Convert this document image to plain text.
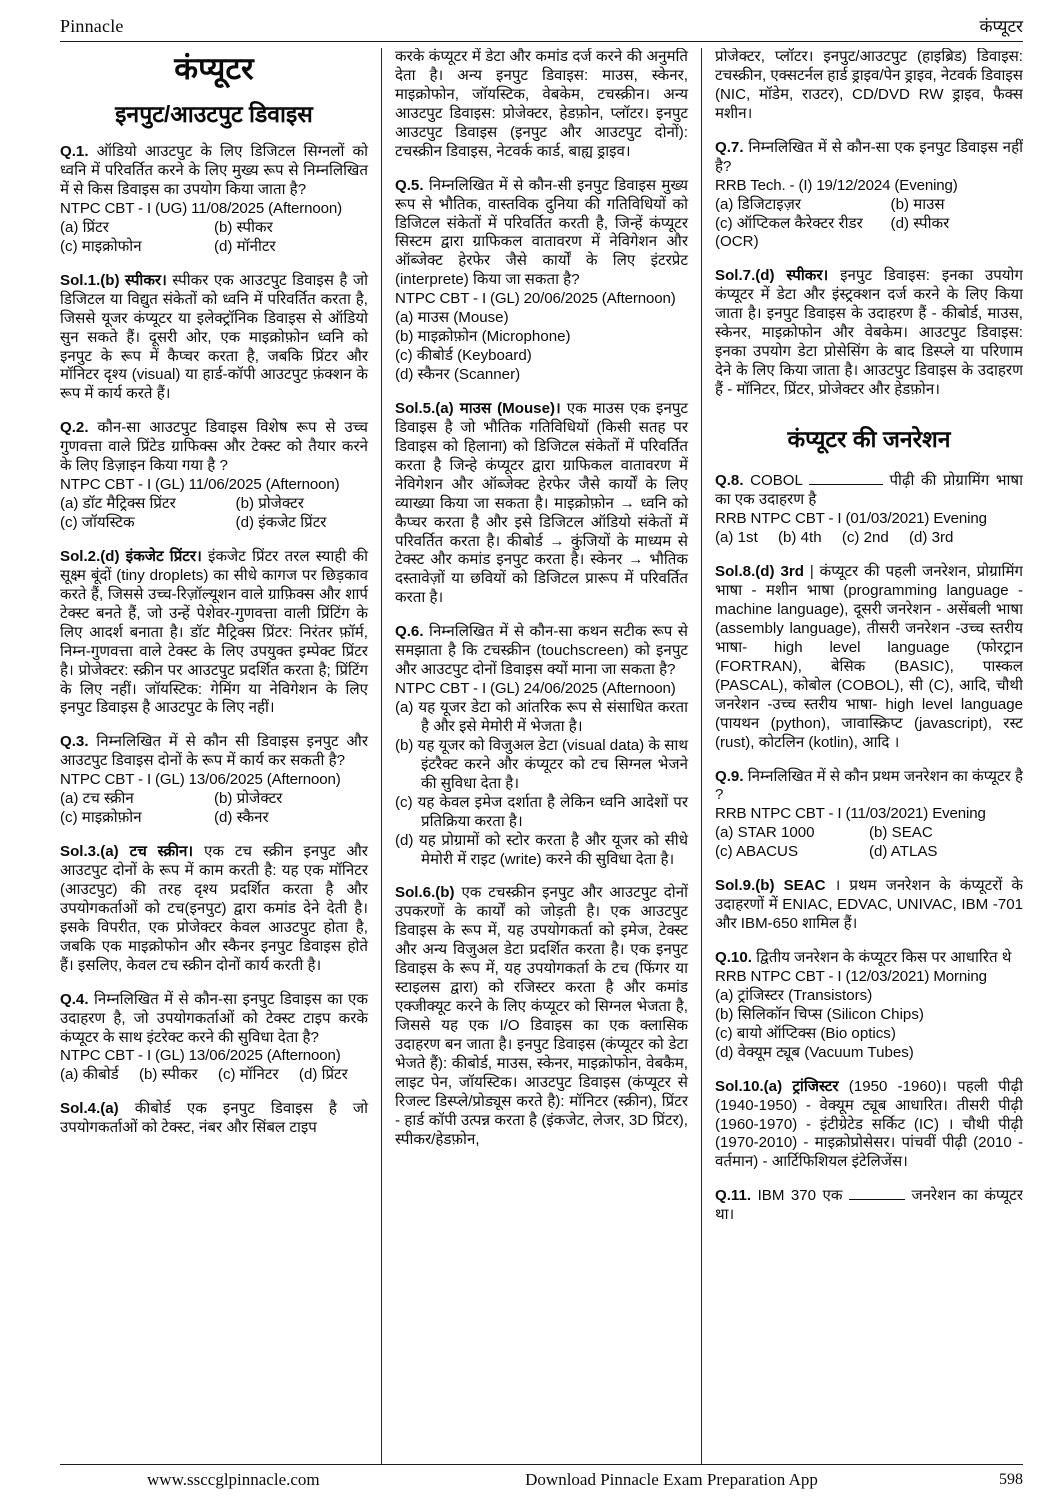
Pinnacle	कंप्यूटर
कंप्यूटर
इनपुट/आउटपुट डिवाइस

Q.1. ऑडियो आउटपुट के लिए डिजिटल सिग्नलों को ध्वनि में परिवर्तित करने के लिए मुख्य रूप से निम्नलिखित में से किस डिवाइस का उपयोग किया जाता है?

NTPC CBT - I (UG) 11/08/2025 (Afternoon)

(a) प्रिंटर	(b) स्पीकर
(c) माइक्रोफोन	(d) मॉनीटर

Sol.1.(b) स्पीकर। स्पीकर एक आउटपुट डिवाइस है जो डिजिटल या विद्युत संकेतों को ध्वनि में परिवर्तित करता है, जिससे यूजर कंप्यूटर या इलेक्ट्रॉनिक डिवाइस से ऑडियो सुन सकते हैं। दूसरी ओर, एक माइक्रोफ़ोन ध्वनि को इनपुट के रूप में कैप्चर करता है, जबकि प्रिंटर और मॉनिटर दृश्य (visual) या हार्ड-कॉपी आउटपुट फ़ंक्शन के रूप में कार्य करते हैं।

Q.2. कौन-सा आउटपुट डिवाइस विशेष रूप से उच्च गुणवत्ता वाले प्रिंटेड ग्राफिक्स और टेक्स्ट को तैयार करने के लिए डिज़ाइन किया गया है ?

NTPC CBT - I (GL) 11/06/2025 (Afternoon)

(a) डॉट मैट्रिक्स प्रिंटर	(b) प्रोजेक्टर
(c) जॉयस्टिक	(d) इंकजेट प्रिंटर

Sol.2.(d) इंकजेट प्रिंटर। इंकजेट प्रिंटर तरल स्याही की सूक्ष्म बूंदों (tiny droplets) का सीधे कागज पर छिड़काव करते हैं, जिससे उच्च-रिज़ॉल्यूशन वाले ग्राफ़िक्स और शार्प टेक्स्ट बनते हैं, जो उन्हें पेशेवर-गुणवत्ता वाली प्रिंटिंग के लिए आदर्श बनाता है। डॉट मैट्रिक्स प्रिंटर: निरंतर फ़ॉर्म, निम्न-गुणवत्ता वाले टेक्स्ट के लिए उपयुक्त इम्पेक्ट प्रिंटर है। प्रोजेक्टर: स्क्रीन पर आउटपुट प्रदर्शित करता है; प्रिंटिंग के लिए नहीं। जॉयस्टिक: गेमिंग या नेविगेशन के लिए इनपुट डिवाइस है आउटपुट के लिए नहीं।

Q.3. निम्नलिखित में से कौन सी डिवाइस इनपुट और आउटपुट डिवाइस दोनों के रूप में कार्य कर सकती है?

NTPC CBT - I (GL) 13/06/2025 (Afternoon)

(a) टच स्क्रीन	(b) प्रोजेक्टर
(c) माइक्रोफ़ोन	(d) स्कैनर

Sol.3.(a) टच स्क्रीन। एक टच स्क्रीन इनपुट और आउटपुट दोनों के रूप में काम करती है: यह एक मॉनिटर (आउटपुट) की तरह दृश्य प्रदर्शित करता है और उपयोगकर्ताओं को टच(इनपुट) द्वारा कमांड देने देती है। इसके विपरीत, एक प्रोजेक्टर केवल आउटपुट होता है, जबकि एक माइक्रोफोन और स्कैनर इनपुट डिवाइस होते हैं। इसलिए, केवल टच स्क्रीन दोनों कार्य करती है।

Q.4. निम्नलिखित में से कौन-सा इनपुट डिवाइस का एक उदाहरण है, जो उपयोगकर्ताओं को टेक्स्ट टाइप करके कंप्यूटर के साथ इंटरेक्ट करने की सुविधा देता है?

NTPC CBT - I (GL) 13/06/2025 (Afternoon)

(a) कीबोर्ड (b) स्पीकर (c) मॉनिटर (d) प्रिंटर

Sol.4.(a) कीबोर्ड एक इनपुट डिवाइस है जो उपयोगकर्ताओं को टेक्स्ट, नंबर और सिंबल टाइप

करके कंप्यूटर में डेटा और कमांड दर्ज करने की अनुमति देता है। अन्य इनपुट डिवाइस: माउस, स्केनर, माइक्रोफोन, जॉयस्टिक, वेबकेम, टचस्क्रीन। अन्य आउटपुट डिवाइस: प्रोजेक्टर, हेडफ़ोन, प्लॉटर। इनपुट आउटपुट डिवाइस (इनपुट और आउटपुट दोनों): टचस्क्रीन डिवाइस, नेटवर्क कार्ड, बाह्य ड्राइव।

Q.5. निम्नलिखित में से कौन-सी इनपुट डिवाइस मुख्य रूप से भौतिक, वास्तविक दुनिया की गतिविधियों को डिजिटल संकेतों में परिवर्तित करती है, जिन्हें कंप्यूटर सिस्टम द्वारा ग्राफिकल वातावरण में नेविगेशन और ऑब्जेक्ट हेरफेर जैसे कार्यों के लिए इंटरप्रेट (interprete) किया जा सकता है?

NTPC CBT - I (GL) 20/06/2025 (Afternoon)

(a) माउस (Mouse)
(b) माइक्रोफ़ोन (Microphone)
(c) कीबोर्ड (Keyboard)
(d) स्कैनर (Scanner)

Sol.5.(a) माउस (Mouse)। एक माउस एक इनपुट डिवाइस है जो भौतिक गतिविधियों (किसी सतह पर डिवाइस को हिलाना) को डिजिटल संकेतों में परिवर्तित करता है जिन्हे कंप्यूटर द्वारा ग्राफिकल वातावरण में नेविगेशन और ऑब्जेक्ट हेरफेर जैसे कार्यों के लिए व्याख्या किया जा सकता है। माइक्रोफ़ोन → ध्वनि को कैप्चर करता है और इसे डिजिटल ऑडियो संकेतों में परिवर्तित करता है। कीबोर्ड → कुंजियों के माध्यम से टेक्स्ट और कमांड इनपुट करता है। स्केनर → भौतिक दस्तावेज़ों या छवियों को डिजिटल प्रारूप में परिवर्तित करता है।

Q.6. निम्नलिखित में से कौन-सा कथन सटीक रूप से समझाता है कि टचस्क्रीन (touchscreen) को इनपुट और आउटपुट दोनों डिवाइस क्यों माना जा सकता है?

NTPC CBT - I (GL) 24/06/2025 (Afternoon)

(a) यह यूजर डेटा को आंतरिक रूप से संसाधित करता है और इसे मेमोरी में भेजता है।

(b) यह यूजर को विजुअल डेटा (visual data) के साथ इंटरैक्ट करने और कंप्यूटर को टच सिग्नल भेजने की सुविधा देता है।

(c) यह केवल इमेज दर्शाता है लेकिन ध्वनि आदेशों पर प्रतिक्रिया करता है।

(d) यह प्रोग्रामों को स्टोर करता है और यूजर को सीधे मेमोरी में राइट (write) करने की सुविधा देता है।

Sol.6.(b) एक टचस्क्रीन इनपुट और आउटपुट दोनों उपकरणों के कार्यों को जोड़ती है। एक आउटपुट डिवाइस के रूप में, यह उपयोगकर्ता को इमेज, टेक्स्ट और अन्य विजुअल डेटा प्रदर्शित करता है। एक इनपुट डिवाइस के रूप में, यह उपयोगकर्ता के टच (फिंगर या स्टाइलस द्वारा) को रजिस्टर करता है और कमांड एक्जीक्यूट करने के लिए कंप्यूटर को सिग्नल भेजता है, जिससे यह एक I/O डिवाइस का एक क्लासिक उदाहरण बन जाता है। इनपुट डिवाइस (कंप्यूटर को डेटा भेजते हैं): कीबोर्ड, माउस, स्केनर, माइक्रोफोन, वेबकैम, लाइट पेन, जॉयस्टिक। आउटपुट डिवाइस (कंप्यूटर से रिजल्ट डिस्प्ले/प्रोड्यूस करते है): मॉनिटर (स्क्रीन), प्रिंटर - हार्ड कॉपी उत्पन्न करता है (इंकजेट, लेजर, 3D प्रिंटर), स्पीकर/हेडफ़ोन,

प्रोजेक्टर, प्लॉटर। इनपुट/आउटपुट (हाइब्रिड) डिवाइस: टचस्क्रीन, एक्सटर्नल हार्ड ड्राइव/पेन ड्राइव, नेटवर्क डिवाइस (NIC, मॉडेम, राउटर), CD/DVD RW ड्राइव, फैक्स मशीन।

Q.7. निम्नलिखित में से कौन-सा एक इनपुट डिवाइस नहीं है?

RRB Tech. - (I) 19/12/2024 (Evening)

(a) डिजिटाइज़र	(b) माउस
(c) ऑप्टिकल कैरेक्टर रीडर (OCR)
(d) स्पीकर

Sol.7.(d) स्पीकर। इनपुट डिवाइस: इनका उपयोग कंप्यूटर में डेटा और इंस्ट्रक्शन दर्ज करने के लिए किया जाता है। इनपुट डिवाइस के उदाहरण हैं - कीबोर्ड, माउस, स्केनर, माइक्रोफोन और वेबकेम। आउटपुट डिवाइस: इनका उपयोग डेटा प्रोसेसिंग के बाद डिस्प्ले या परिणाम देने के लिए किया जाता है। आउटपुट डिवाइस के उदाहरण हैं - मॉनिटर, प्रिंटर, प्रोजेक्टर और हेडफ़ोन।

कंप्यूटर की जनरेशन

Q.8. COBOL	पीढ़ी की प्रोग्रामिंग भाषा का एक उदाहरण है

RRB NTPC CBT - I (01/03/2021) Evening

(a) 1st (b) 4th (c) 2nd (d) 3rd

Sol.8.(d) 3rd | कंप्यूटर की पहली जनरेशन, प्रोग्रामिंग भाषा - मशीन भाषा (programming language - machine language), दूसरी जनरेशन - असेंबली भाषा (assembly language), तीसरी जनरेशन -उच्च स्तरीय भाषा- high level language (फोरट्रान (FORTRAN), बेसिक (BASIC), पास्कल (PASCAL), कोबोल (COBOL), सी (C), आदि, चौथी जनरेशन -उच्च स्तरीय भाषा- high level language (पायथन (python), जावास्क्रिप्ट (javascript), रस्ट (rust), कोटलिन (kotlin), आदि ।

Q.9. निम्नलिखित में से कौन प्रथम जनरेशन का कंप्यूटर है ?

RRB NTPC CBT - I (11/03/2021) Evening

(a) STAR 1000	(b) SEAC
(c) ABACUS	(d) ATLAS

Sol.9.(b) SEAC । प्रथम जनरेशन के कंप्यूटरों के उदाहरणों में ENIAC, EDVAC, UNIVAC, IBM -701 और IBM-650 शामिल हैं।

Q.10. द्वितीय जनरेशन के कंप्यूटर किस पर आधारित थे

RRB NTPC CBT - I (12/03/2021) Morning

(a) ट्रांजिस्टर (Transistors)
(b) सिलिकॉन चिप्स (Silicon Chips)
(c) बायो ऑप्टिक्स (Bio optics)
(d) वेक्यूम ट्यूब (Vacuum Tubes)

Sol.10.(a) ट्रांजिस्टर (1950 -1960)। पहली पीढ़ी (1940-1950) - वेक्यूम ट्यूब आधारित। तीसरी पीढ़ी (1960-1970) - इंटीग्रेटेड सर्किट (IC) । चौथी पीढ़ी (1970-2010) - माइक्रोप्रोसेसर। पांचवीं पीढ़ी (2010 - वर्तमान) - आर्टिफिशियल इंटेलिजेंस।

Q.11. IBM 370 एक	जनरेशन का कंप्यूटर था।

www.ssccglpinnacle.com	Download Pinnacle Exam Preparation App	598
